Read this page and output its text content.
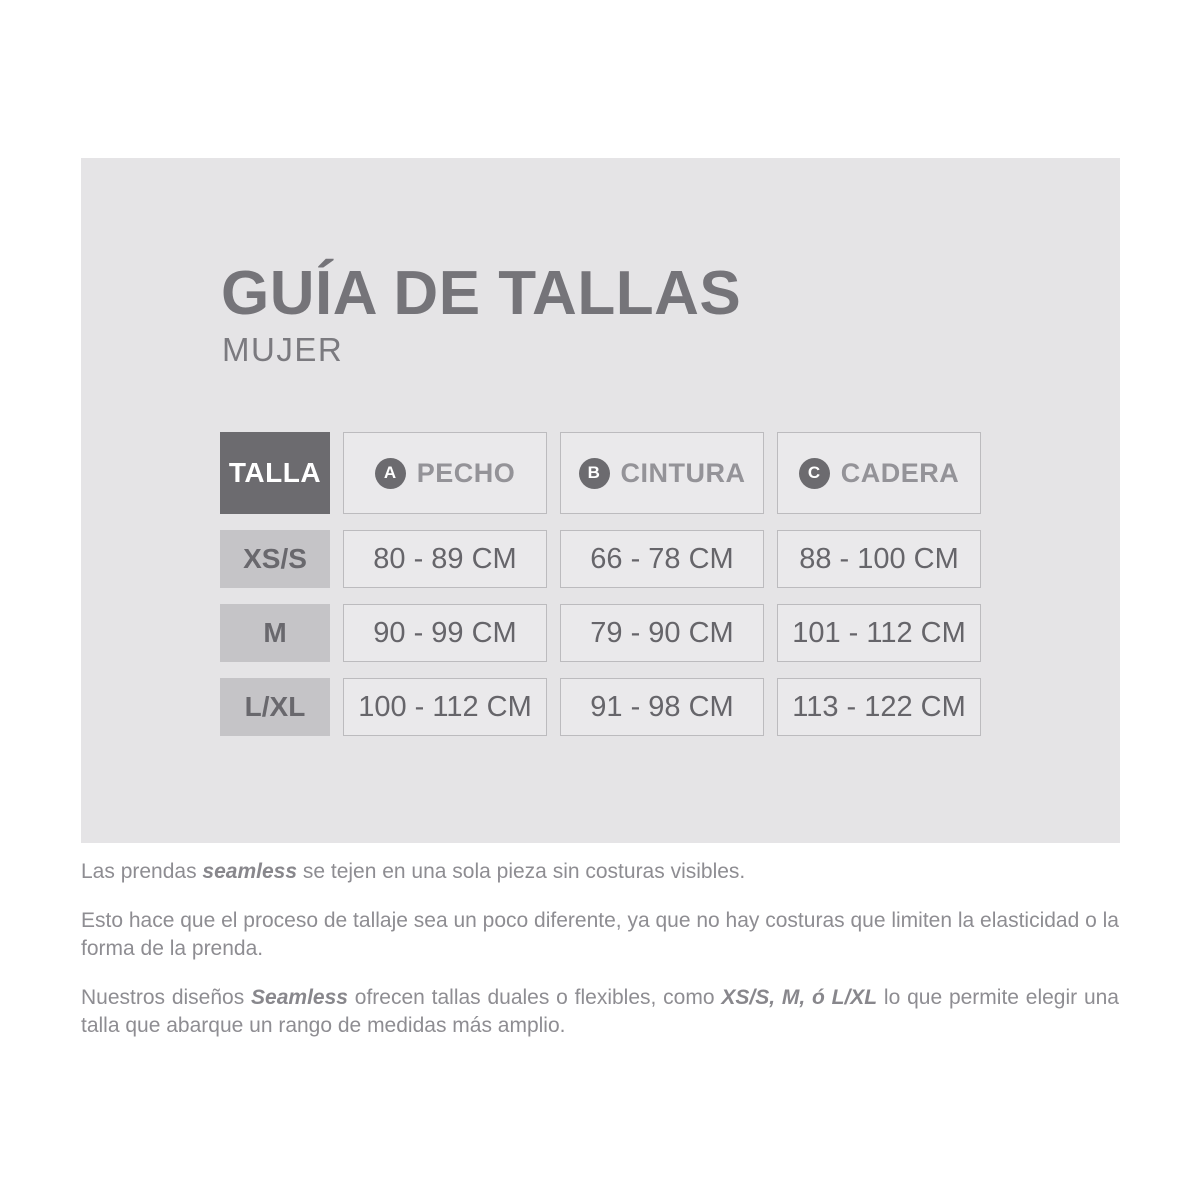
GUÍA DE TALLAS
MUJER
TALLA	A PECHO	B CINTURA	C CADERA
XS/S	80 - 89 CM	66 - 78 CM	88 - 100 CM
M	90 - 99 CM	79 - 90 CM	101 - 112 CM
L/XL	100 - 112 CM	91 - 98 CM	113 - 122 CM

Las prendas seamless se tejen en una sola pieza sin costuras visibles.

Esto hace que el proceso de tallaje sea un poco diferente, ya que no hay costuras que limiten la elasticidad o la forma de la prenda.

Nuestros diseños Seamless ofrecen tallas duales o flexibles, como XS/S, M, ó L/XL lo que permite elegir una talla que abarque un rango de medidas más amplio.
